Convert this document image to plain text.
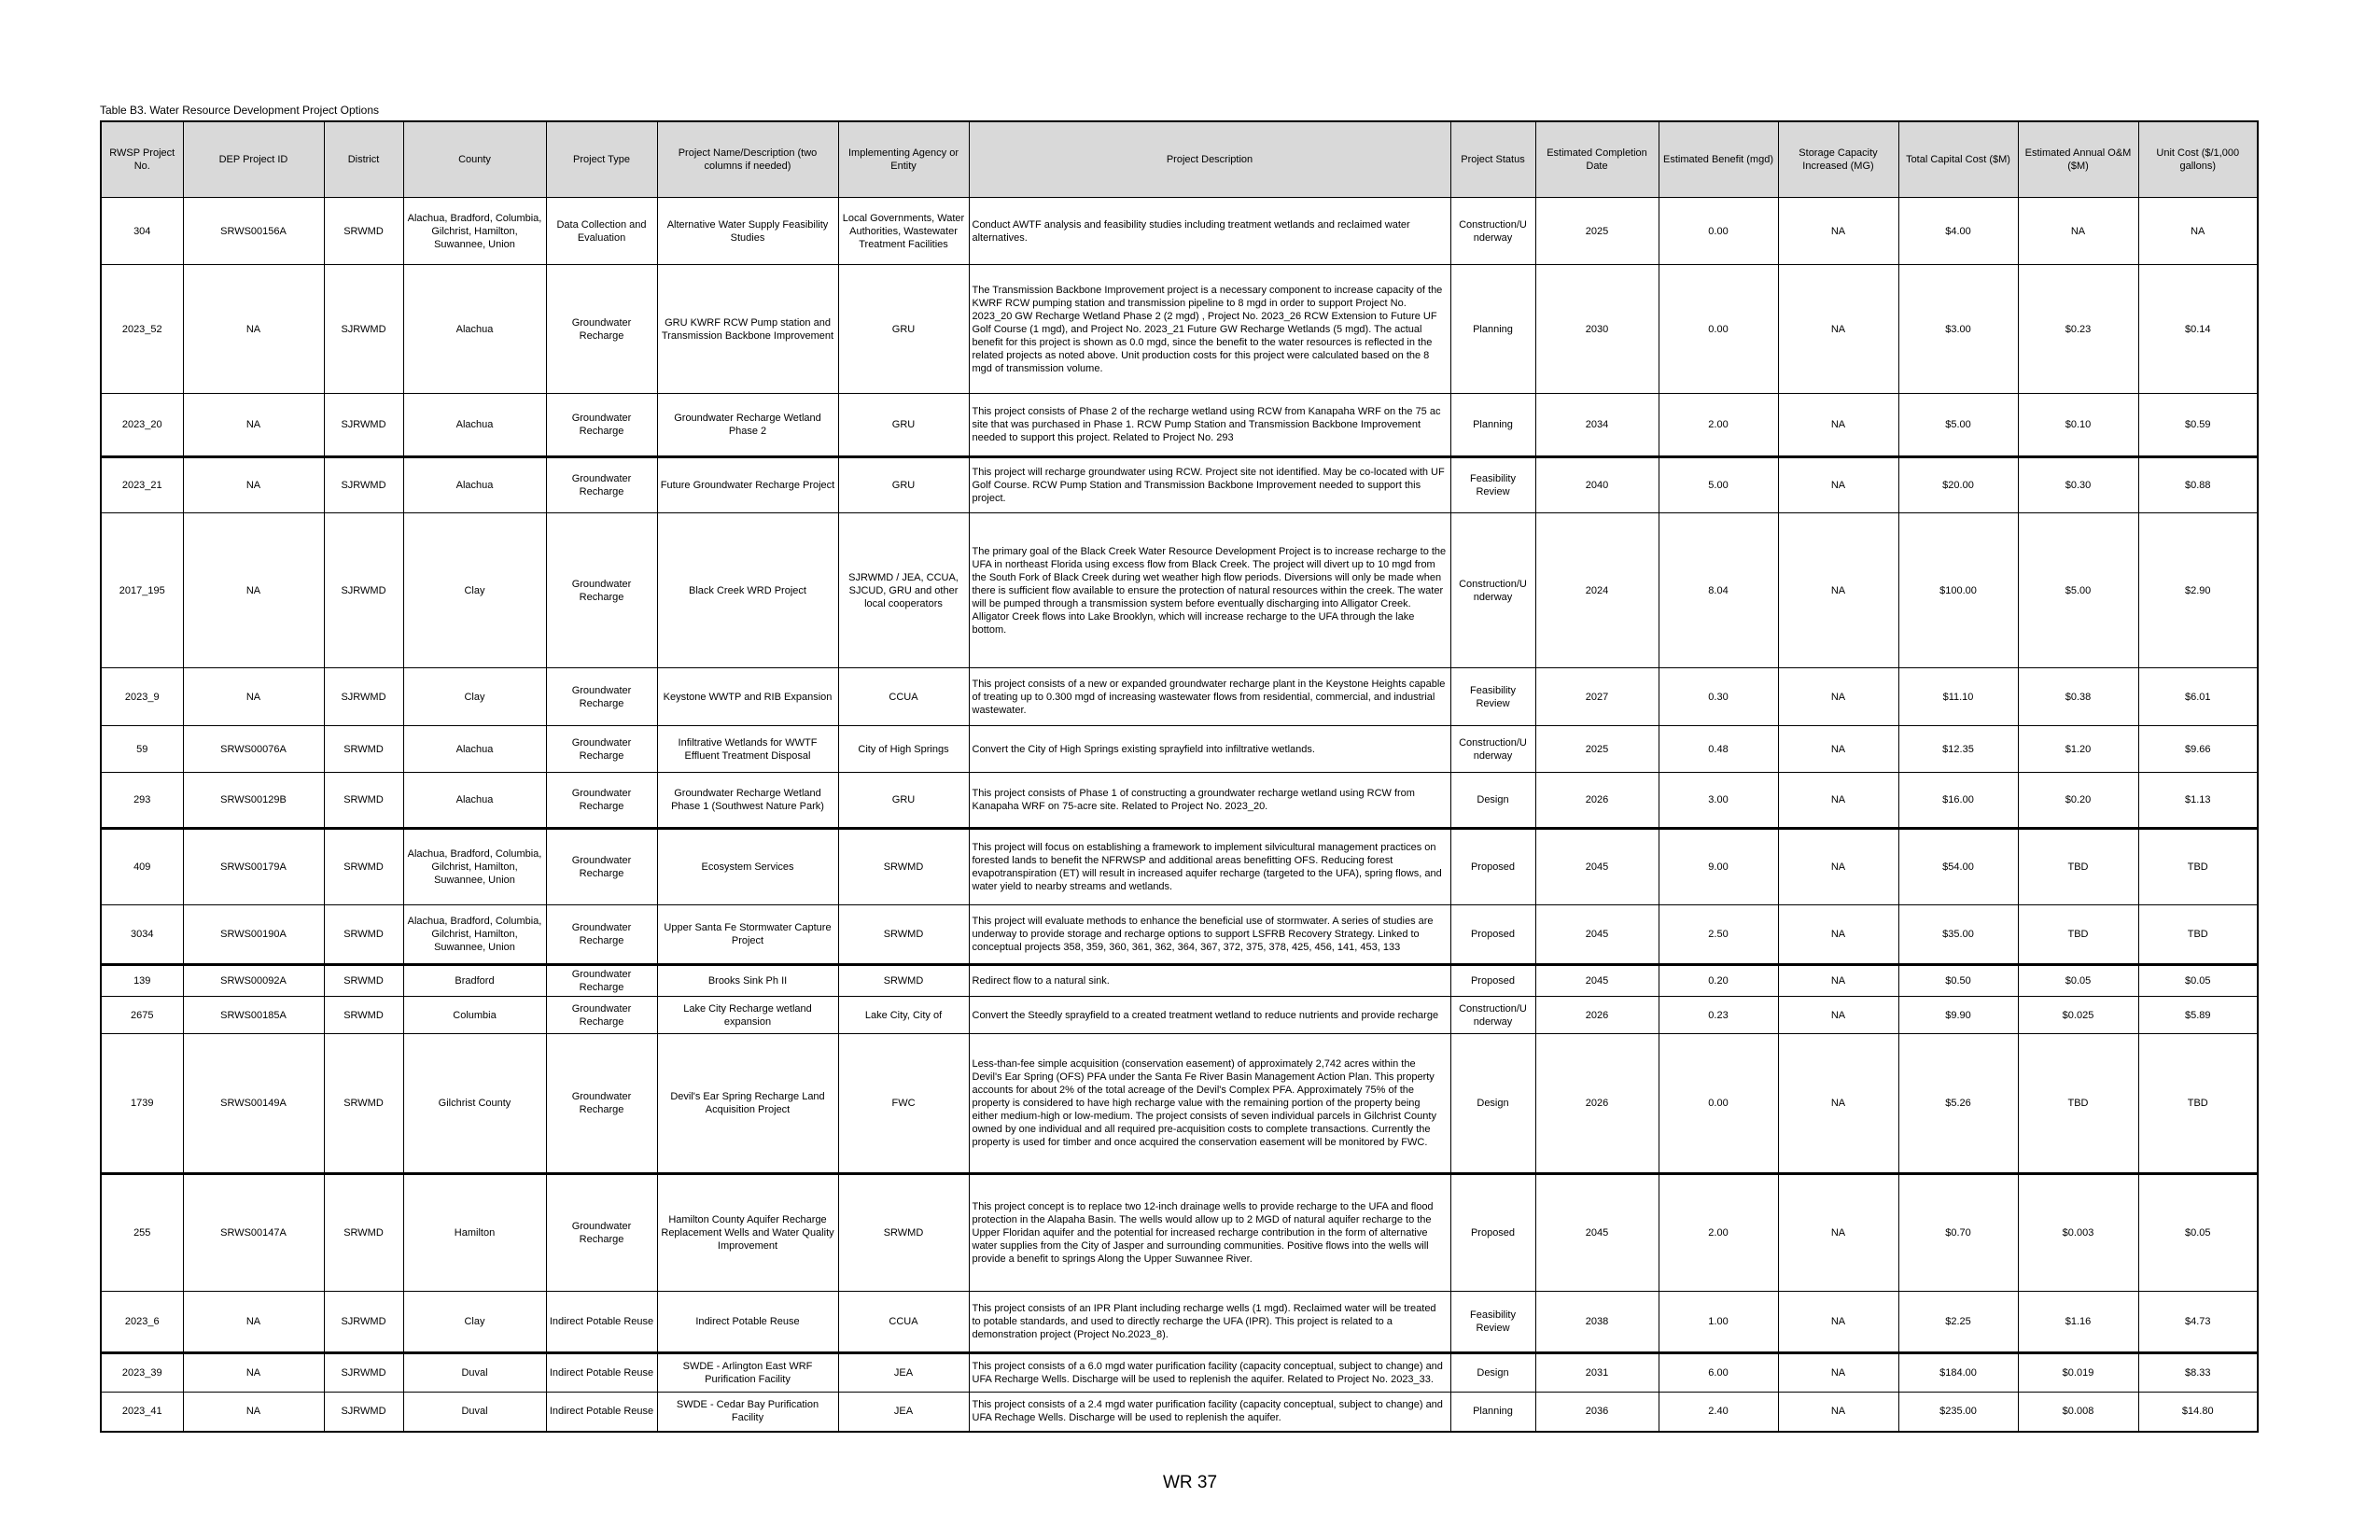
Table B3. Water Resource Development Project Options
RWSP Project No.	DEP Project ID	District	County	Project Type	Project Name/Description (two columns if needed)	Implementing Agency or Entity	Project Description	Project Status	Estimated Completion Date	Estimated Benefit (mgd)	Storage Capacity Increased (MG)	Total Capital Cost ($M)	Estimated Annual O&M ($M)	Unit Cost ($/1,000 gallons)
304	SRWS00156A	SRWMD	Alachua, Bradford, Columbia, Gilchrist, Hamilton, Suwannee, Union	Data Collection and Evaluation	Alternative Water Supply Feasibility Studies	Local Governments, Water Authorities, Wastewater Treatment Facilities	Conduct AWTF analysis and feasibility studies including treatment wetlands and reclaimed water alternatives.	Construction/U nderway	2025	0.00	NA	$4.00	NA	NA
2023_52	NA	SJRWMD	Alachua	Groundwater Recharge	GRU KWRF RCW Pump station and Transmission Backbone Improvement	GRU	The Transmission Backbone Improvement project is a necessary component to increase capacity of the KWRF RCW pumping station and transmission pipeline to 8 mgd in order to support Project No. 2023_20 GW Recharge Wetland Phase 2 (2 mgd) , Project No. 2023_26 RCW Extension to Future UF Golf Course (1 mgd), and Project No. 2023_21 Future GW Recharge Wetlands (5 mgd). The actual benefit for this project is shown as 0.0 mgd, since the benefit to the water resources is reflected in the related projects as noted above. Unit production costs for this project were calculated based on the 8 mgd of transmission volume.	Planning	2030	0.00	NA	$3.00	$0.23	$0.14
2023_20	NA	SJRWMD	Alachua	Groundwater Recharge	Groundwater Recharge Wetland Phase 2	GRU	This project consists of Phase 2 of the recharge wetland using RCW from Kanapaha WRF on the 75 ac site that was purchased in Phase 1. RCW Pump Station and Transmission Backbone Improvement needed to support this project. Related to Project No. 293	Planning	2034	2.00	NA	$5.00	$0.10	$0.59
2023_21	NA	SJRWMD	Alachua	Groundwater Recharge	Future Groundwater Recharge Project	GRU	This project will recharge groundwater using RCW. Project site not identified. May be co-located with UF Golf Course. RCW Pump Station and Transmission Backbone Improvement needed to support this project.	Feasibility Review	2040	5.00	NA	$20.00	$0.30	$0.88
2017_195	NA	SJRWMD	Clay	Groundwater Recharge	Black Creek WRD Project	SJRWMD / JEA, CCUA, SJCUD, GRU and other local cooperators	The primary goal of the Black Creek Water Resource Development Project is to increase recharge to the UFA in northeast Florida using excess flow from Black Creek. The project will divert up to 10 mgd from the South Fork of Black Creek during wet weather high flow periods. Diversions will only be made when there is sufficient flow available to ensure the protection of natural resources within the creek. The water will be pumped through a transmission system before eventually discharging into Alligator Creek. Alligator Creek flows into Lake Brooklyn, which will increase recharge to the UFA through the lake bottom.	Construction/U nderway	2024	8.04	NA	$100.00	$5.00	$2.90
2023_9	NA	SJRWMD	Clay	Groundwater Recharge	Keystone WWTP and RIB Expansion	CCUA	This project consists of a new or expanded groundwater recharge plant in the Keystone Heights capable of treating up to 0.300 mgd of increasing wastewater flows from residential, commercial, and industrial wastewater.	Feasibility Review	2027	0.30	NA	$11.10	$0.38	$6.01
59	SRWS00076A	SRWMD	Alachua	Groundwater Recharge	Infiltrative Wetlands for WWTF Effluent Treatment Disposal	City of High Springs	Convert the City of High Springs existing sprayfield into infiltrative wetlands.	Construction/U nderway	2025	0.48	NA	$12.35	$1.20	$9.66
293	SRWS00129B	SRWMD	Alachua	Groundwater Recharge	Groundwater Recharge Wetland Phase 1 (Southwest Nature Park)	GRU	This project consists of Phase 1 of constructing a groundwater recharge wetland using RCW from Kanapaha WRF on 75-acre site. Related to Project No. 2023_20.	Design	2026	3.00	NA	$16.00	$0.20	$1.13
409	SRWS00179A	SRWMD	Alachua, Bradford, Columbia, Gilchrist, Hamilton, Suwannee, Union	Groundwater Recharge	Ecosystem Services	SRWMD	This project will focus on establishing a framework to implement silvicultural management practices on forested lands to benefit the NFRWSP and additional areas benefitting OFS. Reducing forest evapotranspiration (ET) will result in increased aquifer recharge (targeted to the UFA), spring flows, and water yield to nearby streams and wetlands.	Proposed	2045	9.00	NA	$54.00	TBD	TBD
3034	SRWS00190A	SRWMD	Alachua, Bradford, Columbia, Gilchrist, Hamilton, Suwannee, Union	Groundwater Recharge	Upper Santa Fe Stormwater Capture Project	SRWMD	This project will evaluate methods to enhance the beneficial use of stormwater. A series of studies are underway to provide storage and recharge options to support LSFRB Recovery Strategy. Linked to conceptual projects 358, 359, 360, 361, 362, 364, 367, 372, 375, 378, 425, 456, 141, 453, 133	Proposed	2045	2.50	NA	$35.00	TBD	TBD
139	SRWS00092A	SRWMD	Bradford	Groundwater Recharge	Brooks Sink Ph II	SRWMD	Redirect flow to a natural sink.	Proposed	2045	0.20	NA	$0.50	$0.05	$0.05
2675	SRWS00185A	SRWMD	Columbia	Groundwater Recharge	Lake City Recharge wetland expansion	Lake City, City of	Convert the Steedly sprayfield to a created treatment wetland to reduce nutrients and provide recharge	Construction/U nderway	2026	0.23	NA	$9.90	$0.025	$5.89
1739	SRWS00149A	SRWMD	Gilchrist County	Groundwater Recharge	Devil's Ear Spring Recharge Land Acquisition Project	FWC	Less-than-fee simple acquisition (conservation easement) of approximately 2,742 acres within the Devil's Ear Spring (OFS) PFA under the Santa Fe River Basin Management Action Plan. This property accounts for about 2% of the total acreage of the Devil's Complex PFA. Approximately 75% of the property is considered to have high recharge value with the remaining portion of the property being either medium-high or low-medium. The project consists of seven individual parcels in Gilchrist County owned by one individual and all required pre-acquisition costs to complete transactions. Currently the property is used for timber and once acquired the conservation easement will be monitored by FWC.	Design	2026	0.00	NA	$5.26	TBD	TBD
255	SRWS00147A	SRWMD	Hamilton	Groundwater Recharge	Hamilton County Aquifer Recharge Replacement Wells and Water Quality Improvement	SRWMD	This project concept is to replace two 12-inch drainage wells to provide recharge to the UFA and flood protection in the Alapaha Basin. The wells would allow up to 2 MGD of natural aquifer recharge to the Upper Floridan aquifer and the potential for increased recharge contribution in the form of alternative water supplies from the City of Jasper and surrounding communities. Positive flows into the wells will provide a benefit to springs Along the Upper Suwannee River.	Proposed	2045	2.00	NA	$0.70	$0.003	$0.05
2023_6	NA	SJRWMD	Clay	Indirect Potable Reuse	Indirect Potable Reuse	CCUA	This project consists of an IPR Plant including recharge wells (1 mgd). Reclaimed water will be treated to potable standards, and used to directly recharge the UFA (IPR). This project is related to a demonstration project (Project No.2023_8).	Feasibility Review	2038	1.00	NA	$2.25	$1.16	$4.73
2023_39	NA	SJRWMD	Duval	Indirect Potable Reuse	SWDE - Arlington East WRF Purification Facility	JEA	This project consists of a 6.0 mgd water purification facility (capacity conceptual, subject to change) and UFA Recharge Wells. Discharge will be used to replenish the aquifer. Related to Project No. 2023_33.	Design	2031	6.00	NA	$184.00	$0.019	$8.33
2023_41	NA	SJRWMD	Duval	Indirect Potable Reuse	SWDE - Cedar Bay Purification Facility	JEA	This project consists of a 2.4 mgd water purification facility (capacity conceptual, subject to change) and UFA Rechage Wells. Discharge will be used to replenish the aquifer.	Planning	2036	2.40	NA	$235.00	$0.008	$14.80
WR 37
